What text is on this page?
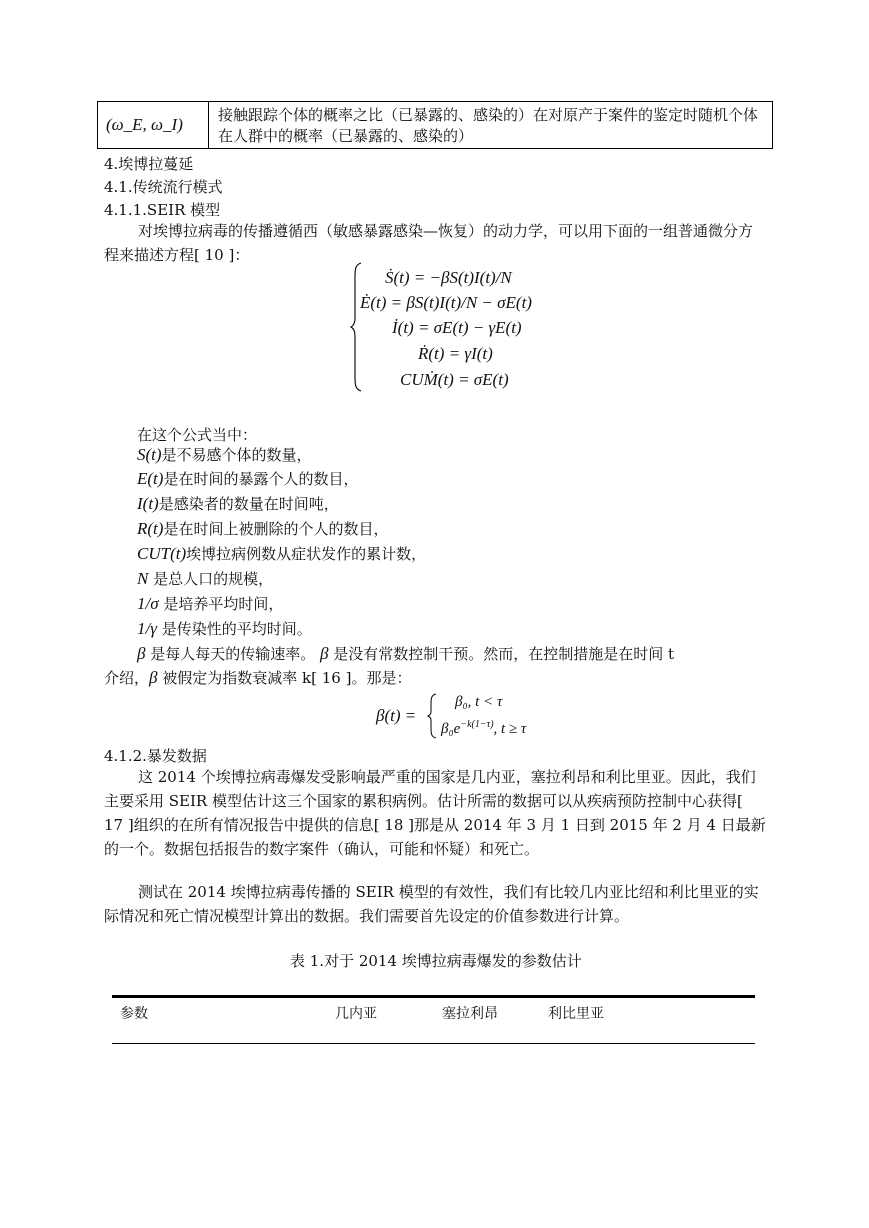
(ω_E, ω_I) 接触跟踪个体的概率之比（已暴露的、感染的）在对原产于案件的鉴定时随机个体在人群中的概率（已暴露的、感染的）
4.埃博拉蔓延
4.1.传统流行模式
4.1.1.SEIR 模型
对埃博拉病毒的传播遵循西（敏感暴露感染—恢复）的动力学，可以用下面的一组普通微分方程来描述方程[ 10 ]：
Ṡ(t) = −βS(t)I(t)/N
Ė(t) = βS(t)I(t)/N − σE(t)
İ(t) = σE(t) − γE(t)
Ṙ(t) = γI(t)
CUṀ(t) = σE(t)
在这个公式当中：
S(t)是不易感个体的数量，
E(t)是在时间的暴露个人的数目，
I(t)是感染者的数量在时间吨，
R(t)是在时间上被删除的个人的数目，
CUT(t)埃博拉病例数从症状发作的累计数，
N 是总人口的规模，
1/σ 是培养平均时间，
1/γ 是传染性的平均时间。
β 是每人每天的传输速率。 β 是没有常数控制干预。然而，在控制措施是在时间 t
介绍，β 被假定为指数衰减率 k[ 16 ]。那是：
β(t) =
β₀, t < τ
$\beta_0e^{-k(1-\tau)}$, t ≥ τ
4.1.2.暴发数据
这 2014 个埃博拉病毒爆发受影响最严重的国家是几内亚，塞拉利昂和利比里亚。因此，我们主要采用 SEIR 模型估计这三个国家的累积病例。估计所需的数据可以从疾病预防控制中心获得[ 17 ]组织的在所有情况报告中提供的信息[ 18 ]那是从 2014 年 3 月 1 日到 2015 年 2 月 4 日最新的一个。数据包括报告的数字案件（确认，可能和怀疑）和死亡。
测试在 2014 埃博拉病毒传播的 SEIR 模型的有效性，我们有比较几内亚比绍和利比里亚的实际情况和死亡情况模型计算出的数据。我们需要首先设定的价值参数进行计算。
表 1.对于 2014 埃博拉病毒爆发的参数估计
参数	几内亚	塞拉利昂	利比里亚
